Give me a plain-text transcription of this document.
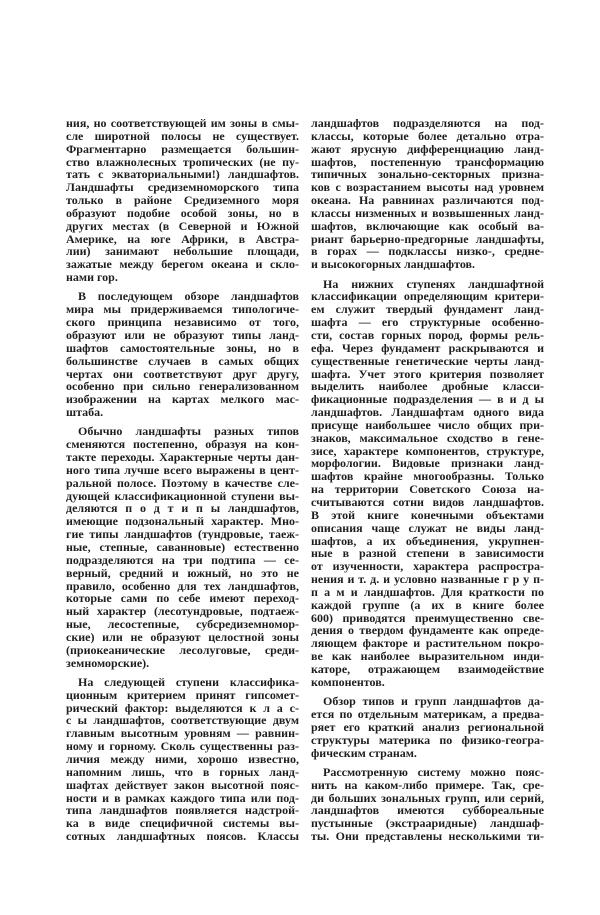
ния, но соответствующей им зоны в смы-
сле широтной полосы не существует.
Фрагментарно размещается большин-
ство влажнолесных тропических (не пу-
тать с экваториальными!) ландшафтов.
Ландшафты средиземноморского типа
только в районе Средиземного моря
образуют подобие особой зоны, но в
других местах (в Северной и Южной
Америке, на юге Африки, в Австра-
лии) занимают небольшие площади,
зажатые между берегом океана и скло-
нами гор.
В последующем обзоре ландшафтов
мира мы придерживаемся типологиче-
ского принципа независимо от того,
образуют или не образуют типы ланд-
шафтов самостоятельные зоны, но в
большинстве случаев в самых общих
чертах они соответствуют друг другу,
особенно при сильно генерализованном
изображении на картах мелкого мас-
штаба.
Обычно ландшафты разных типов
сменяются постепенно, образуя на кон-
такте переходы. Характерные черты дан-
ного типа лучше всего выражены в цент-
ральной полосе. Поэтому в качестве сле-
дующей классификационной ступени вы-
деляются п о д т и п ы ландшафтов,
имеющие подзональный характер. Мно-
гие типы ландшафтов (тундровые, таеж-
ные, степные, саванновые) естественно
подразделяются на три подтипа — се-
верный, средний и южный, но это не
правило, особенно для тех ландшафтов,
которые сами по себе имеют переход-
ный характер (лесотундровые, подтаеж-
ные, лесостепные, субсредиземномор-
ские) или не образуют целостной зоны
(приокеанические лесолуговые, среди-
земноморские).
На следующей ступени классифика-
ционным критерием принят гипсомет-
рический фактор: выделяются к л а с-
с ы ландшафтов, соответствующие двум
главным высотным уровням — равнин-
ному и горному. Сколь существенны раз-
личия между ними, хорошо известно,
напомним лишь, что в горных ланд-
шафтах действует закон высотной пояс-
ности и в рамках каждого типа или под-
типа ландшафтов появляется надстрой-
ка в виде специфичной системы вы-
сотных ландшафтных поясов. Классы
ландшафтов подразделяются на под-
классы, которые более детально отра-
жают ярусную дифференциацию ланд-
шафтов, постепенную трансформацию
типичных зонально-секторных призна-
ков с возрастанием высоты над уровнем
океана. На равнинах различаются под-
классы низменных и возвышенных ланд-
шафтов, включающие как особый ва-
риант барьерно-предгорные ландшафты,
в горах — подклассы низко-, средне-
и высокогорных ландшафтов.
На нижних ступенях ландшафтной
классификации определяющим критери-
ем служит твердый фундамент ланд-
шафта — его структурные особенно-
сти, состав горных пород, формы рель-
ефа. Через фундамент раскрываются и
существенные генетические черты ланд-
шафта. Учет этого критерия позволяет
выделить наиболее дробные класси-
фикационные подразделения — в и д ы
ландшафтов. Ландшафтам одного вида
присуще наибольшее число общих при-
знаков, максимальное сходство в гене-
зисе, характере компонентов, структуре,
морфологии. Видовые признаки ланд-
шафтов крайне многообразны. Только
на территории Советского Союза на-
считываются сотни видов ландшафтов.
В этой книге конечными объектами
описания чаще служат не виды ланд-
шафтов, а их объединения, укрупнен-
ные в разной степени в зависимости
от изученности, характера распростра-
нения и т. д. и условно названные г р у п-
п а м и ландшафтов. Для краткости по
каждой группе (а их в книге более
600) приводятся преимущественно све-
дения о твердом фундаменте как опреде-
ляющем факторе и растительном покро-
ве как наиболее выразительном инди-
каторе, отражающем взаимодействие
компонентов.
Обзор типов и групп ландшафтов да-
ется по отдельным материкам, а предва-
ряет его краткий анализ региональной
структуры материка по физико-геогра-
фическим странам.
Рассмотренную систему можно пояс-
нить на каком-либо примере. Так, сре-
ди больших зональных групп, или серий,
ландшафтов имеются суббореальные
пустынные (экстрааридные) ландшаф-
ты. Они представлены несколькими ти-
